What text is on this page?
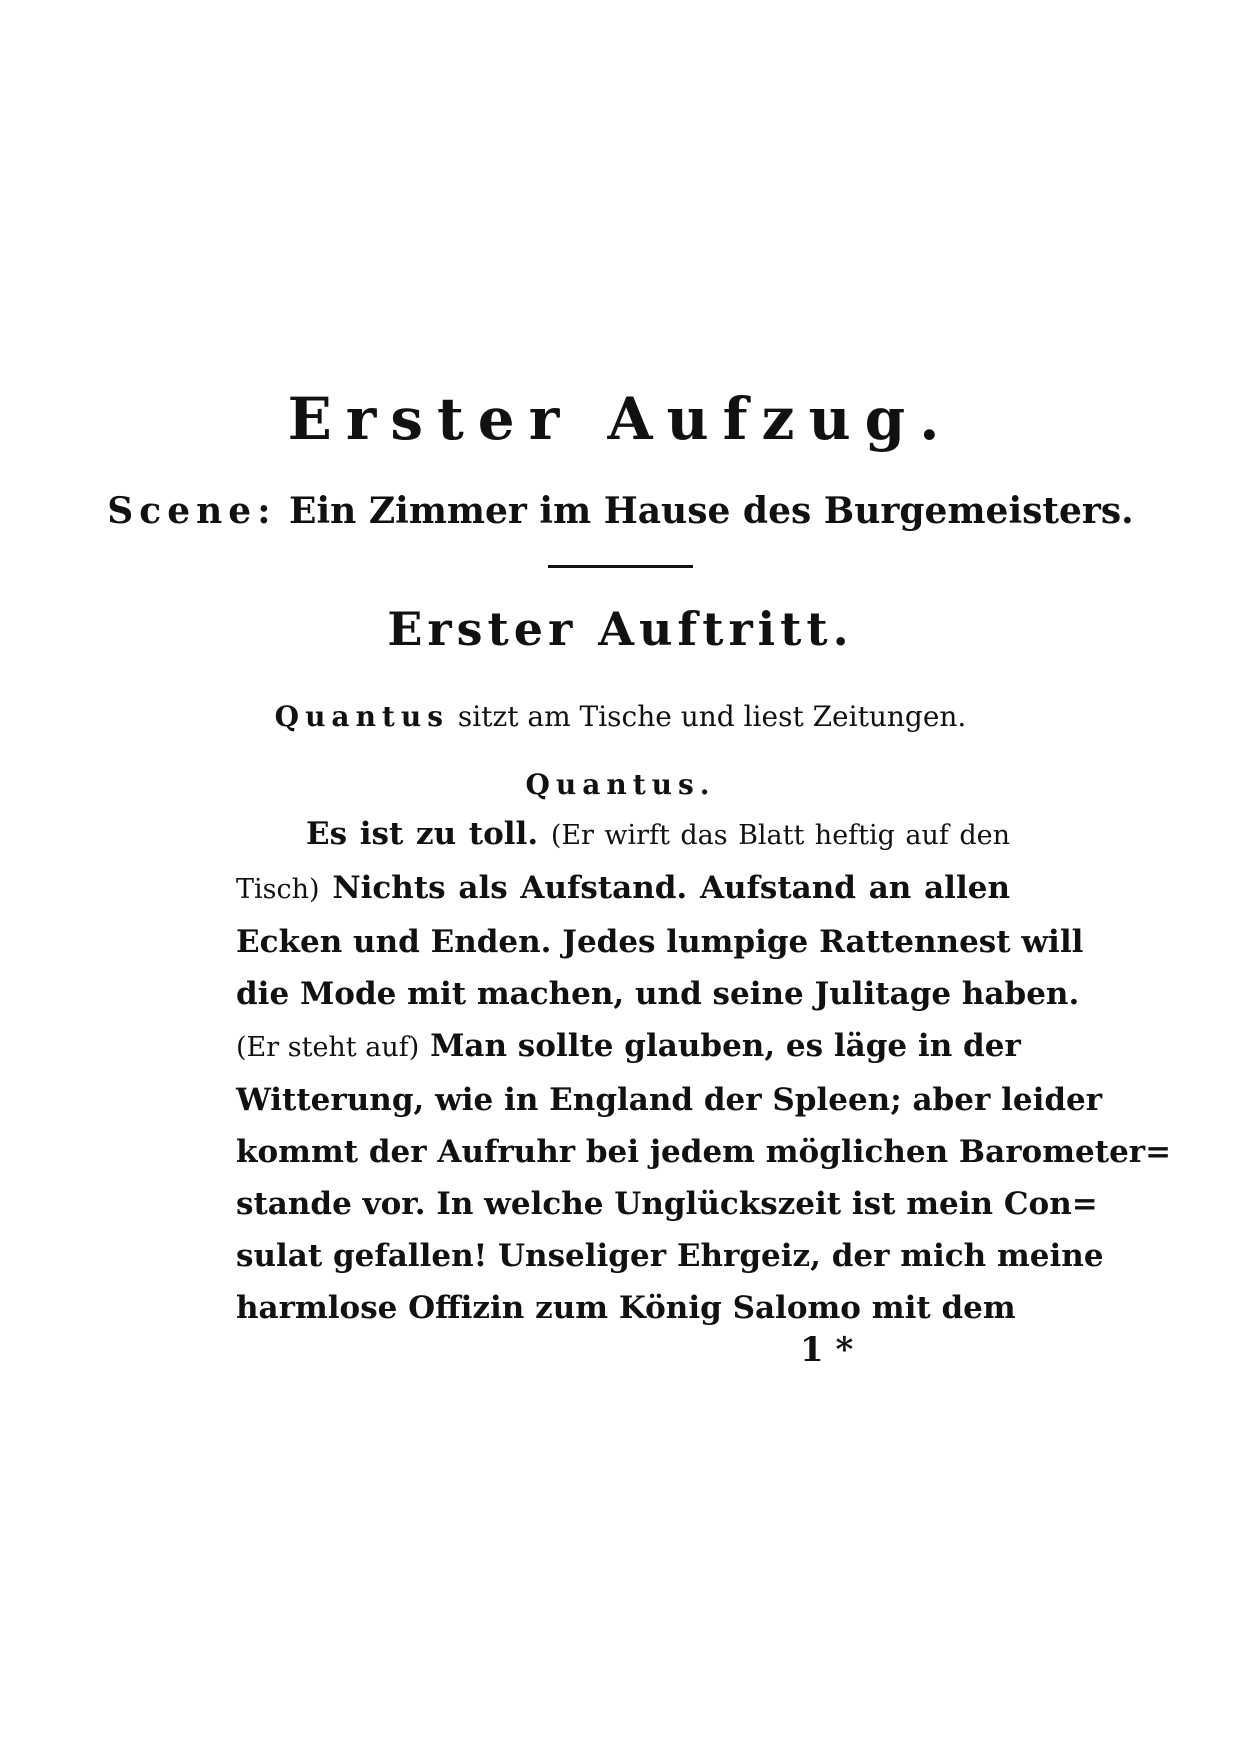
Erster Aufzug.
Scene: Ein Zimmer im Hause des Burgemeisters.
Erster Auftritt.
Quantus sitzt am Tische und liest Zeitungen.
Quantus.
Es ist zu toll. (Er wirft das Blatt heftig auf den
Tisch) Nichts als Aufstand. Aufstand an allen
Ecken und Enden. Jedes lumpige Rattennest will
die Mode mit machen, und seine Julitage haben.
(Er steht auf) Man sollte glauben, es läge in der
Witterung, wie in England der Spleen; aber leider
kommt der Aufruhr bei jedem möglichen Barometer=
stande vor. In welche Unglückszeit ist mein Con=
sulat gefallen! Unseliger Ehrgeiz, der mich meine
harmlose Offizin zum König Salomo mit dem
1 *
